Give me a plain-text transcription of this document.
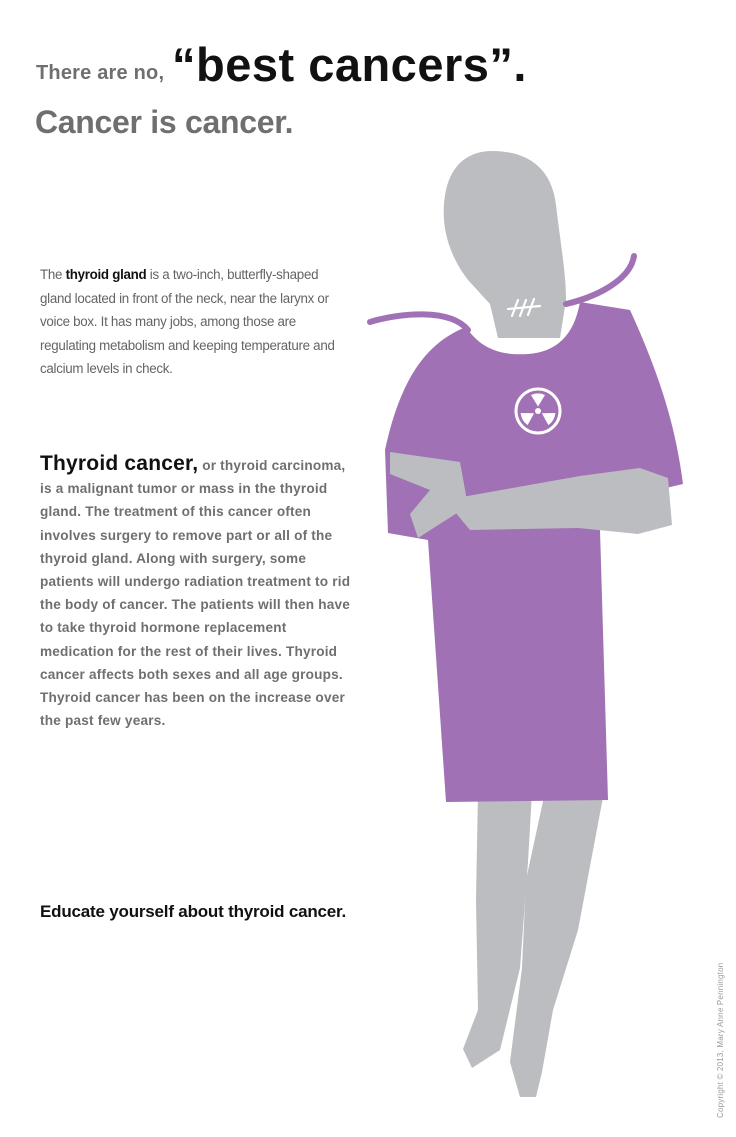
There are no, “best cancers”.
Cancer is cancer.
The thyroid gland is a two-inch, butterfly-shaped gland located in front of the neck, near the larynx or voice box. It has many jobs, among those are regulating metabolism and keeping temperature and calcium levels in check.
Thyroid cancer, or thyroid carcinoma, is a malignant tumor or mass in the thyroid gland. The treatment of this cancer often involves surgery to remove part or all of the thyroid gland. Along with surgery, some patients will undergo radiation treatment to rid the body of cancer. The patients will then have to take thyroid hormone replacement medication for the rest of their lives. Thyroid cancer affects both sexes and all age groups. Thyroid cancer has been on the increase over the past few years.
Educate yourself about thyroid cancer.
Copyright © 2013, Mary Anne Pennington
